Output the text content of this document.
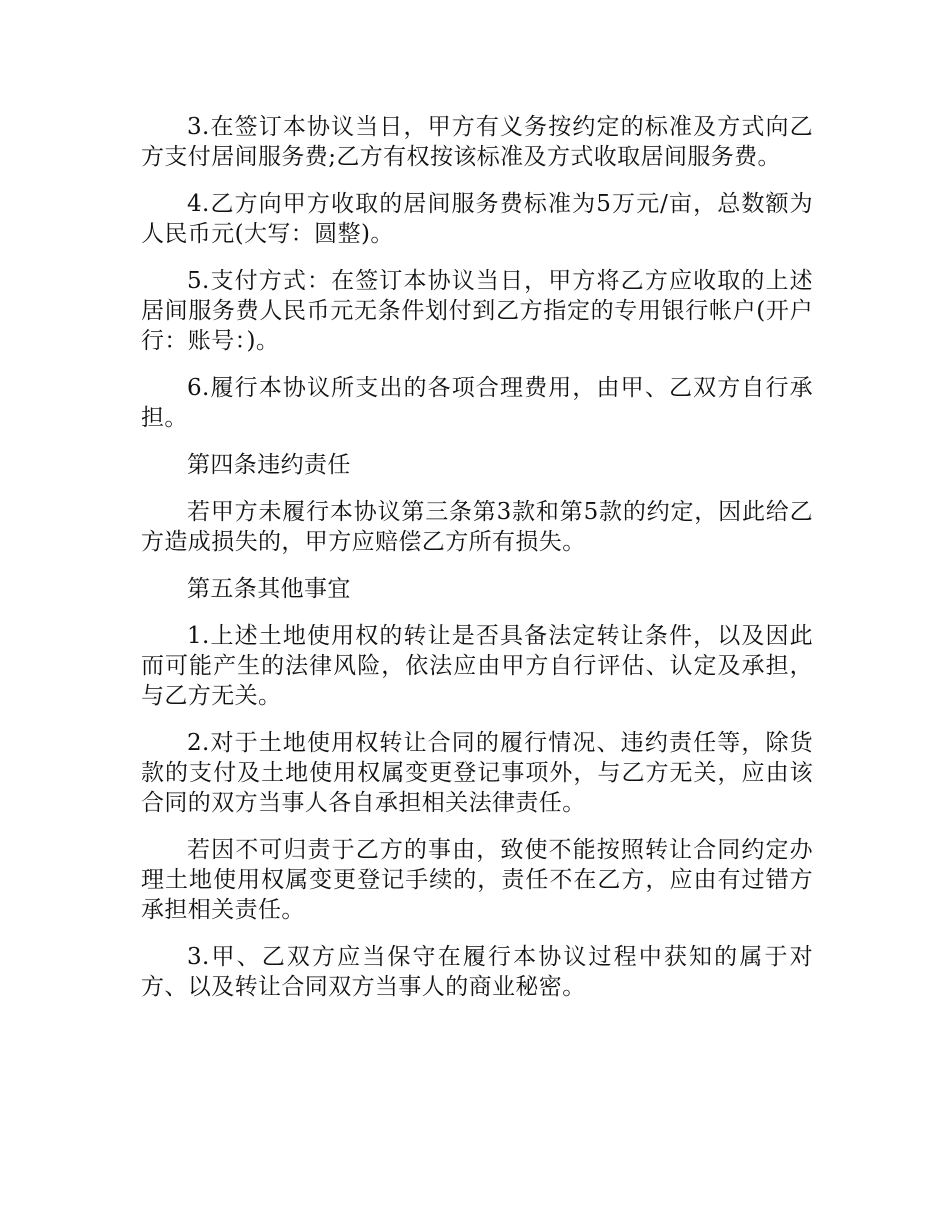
3.在签订本协议当日，甲方有义务按约定的标准及方式向乙方支付居间服务费;乙方有权按该标准及方式收取居间服务费。

4.乙方向甲方收取的居间服务费标准为5万元/亩，总数额为人民币元(大写：圆整)。

5.支付方式：在签订本协议当日，甲方将乙方应收取的上述居间服务费人民币元无条件划付到乙方指定的专用银行帐户(开户行：账号：)。

6.履行本协议所支出的各项合理费用，由甲、乙双方自行承担。

第四条违约责任

若甲方未履行本协议第三条第3款和第5款的约定，因此给乙方造成损失的，甲方应赔偿乙方所有损失。

第五条其他事宜

1.上述土地使用权的转让是否具备法定转让条件，以及因此而可能产生的法律风险，依法应由甲方自行评估、认定及承担，与乙方无关。

2.对于土地使用权转让合同的履行情况、违约责任等，除货款的支付及土地使用权属变更登记事项外，与乙方无关，应由该合同的双方当事人各自承担相关法律责任。

若因不可归责于乙方的事由，致使不能按照转让合同约定办理土地使用权属变更登记手续的，责任不在乙方，应由有过错方承担相关责任。

3.甲、乙双方应当保守在履行本协议过程中获知的属于对方、以及转让合同双方当事人的商业秘密。
